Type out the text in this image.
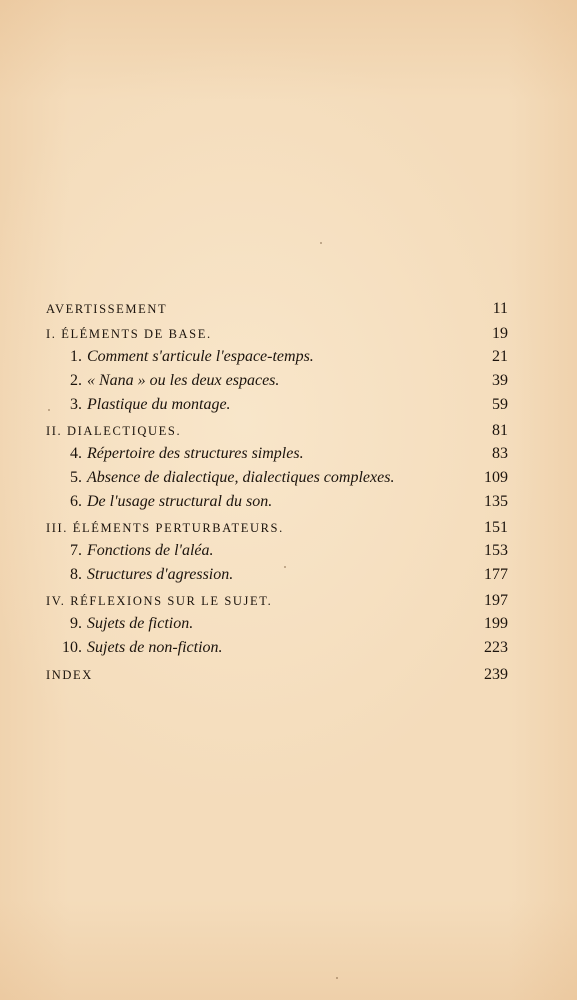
AVERTISSEMENT	11
I. ÉLÉMENTS DE BASE.	19
1. Comment s'articule l'espace-temps.	21
2. « Nana » ou les deux espaces.	39
3. Plastique du montage.	59
II. DIALECTIQUES.	81
4. Répertoire des structures simples.	83
5. Absence de dialectique, dialectiques complexes.	109
6. De l'usage structural du son.	135
III. ÉLÉMENTS PERTURBATEURS.	151
7. Fonctions de l'aléa.	153
8. Structures d'agression.	177
IV. RÉFLEXIONS SUR LE SUJET.	197
9. Sujets de fiction.	199
10. Sujets de non-fiction.	223
INDEX	239
